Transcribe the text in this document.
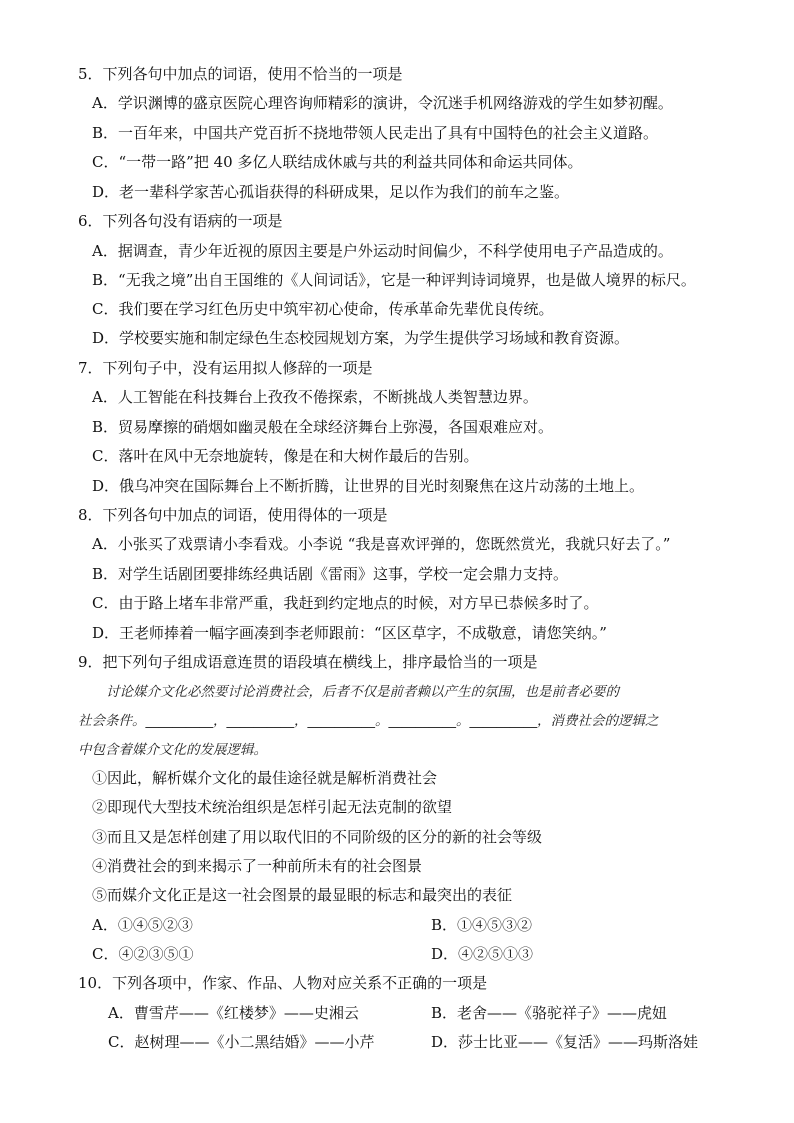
5．下列各句中加点的词语，使用不恰当的一项是
A．学识渊博的盛京医院心理咨询师精彩的演讲，令沉迷手机网络游戏的学生如梦初醒。
B．一百年来，中国共产党百折不挠地带领人民走出了具有中国特色的社会主义道路。
C．“一带一路”把 40 多亿人联结成休戚与共的利益共同体和命运共同体。
D．老一辈科学家苦心孤诣获得的科研成果，足以作为我们的前车之鉴。
6．下列各句没有语病的一项是
A．据调查，青少年近视的原因主要是户外运动时间偏少，不科学使用电子产品造成的。
B．“无我之境”出自王国维的《人间词话》，它是一种评判诗词境界，也是做人境界的标尺。
C．我们要在学习红色历史中筑牢初心使命，传承革命先辈优良传统。
D．学校要实施和制定绿色生态校园规划方案，为学生提供学习场域和教育资源。
7．下列句子中，没有运用拟人修辞的一项是
A．人工智能在科技舞台上孜孜不倦探索，不断挑战人类智慧边界。
B．贸易摩擦的硝烟如幽灵般在全球经济舞台上弥漫，各国艰难应对。
C．落叶在风中无奈地旋转，像是在和大树作最后的告别。
D．俄乌冲突在国际舞台上不断折腾，让世界的目光时刻聚焦在这片动荡的土地上。
8．下列各句中加点的词语，使用得体的一项是
A．小张买了戏票请小李看戏。小李说 “我是喜欢评弹的，您既然赏光，我就只好去了。”
B．对学生话剧团要排练经典话剧《雷雨》这事，学校一定会鼎力支持。
C．由于路上堵车非常严重，我赶到约定地点的时候，对方早已恭候多时了。
D．王老师捧着一幅字画凑到李老师跟前：“区区草字，不成敬意，请您笑纳。”
9．把下列句子组成语意连贯的语段填在横线上，排序最恰当的一项是
讨论媒介文化必然要讨论消费社会，后者不仅是前者赖以产生的氛围，也是前者必要的
社会条件。__________，__________，__________。__________。__________，消费社会的逻辑之
中包含着媒介文化的发展逻辑。
①因此，解析媒介文化的最佳途径就是解析消费社会
②即现代大型技术统治组织是怎样引起无法克制的欲望
③而且又是怎样创建了用以取代旧的不同阶级的区分的新的社会等级
④消费社会的到来揭示了一种前所未有的社会图景
⑤而媒介文化正是这一社会图景的最显眼的标志和最突出的表征
A．①④⑤②③	B．①④⑤③②
C．④②③⑤①	D．④②⑤①③
10．下列各项中，作家、作品、人物对应关系不正确的一项是
A．曹雪芹——《红楼梦》——史湘云	B．老舍——《骆驼祥子》——虎妞
C．赵树理——《小二黑结婚》——小芹	D．莎士比亚——《复活》——玛斯洛娃
